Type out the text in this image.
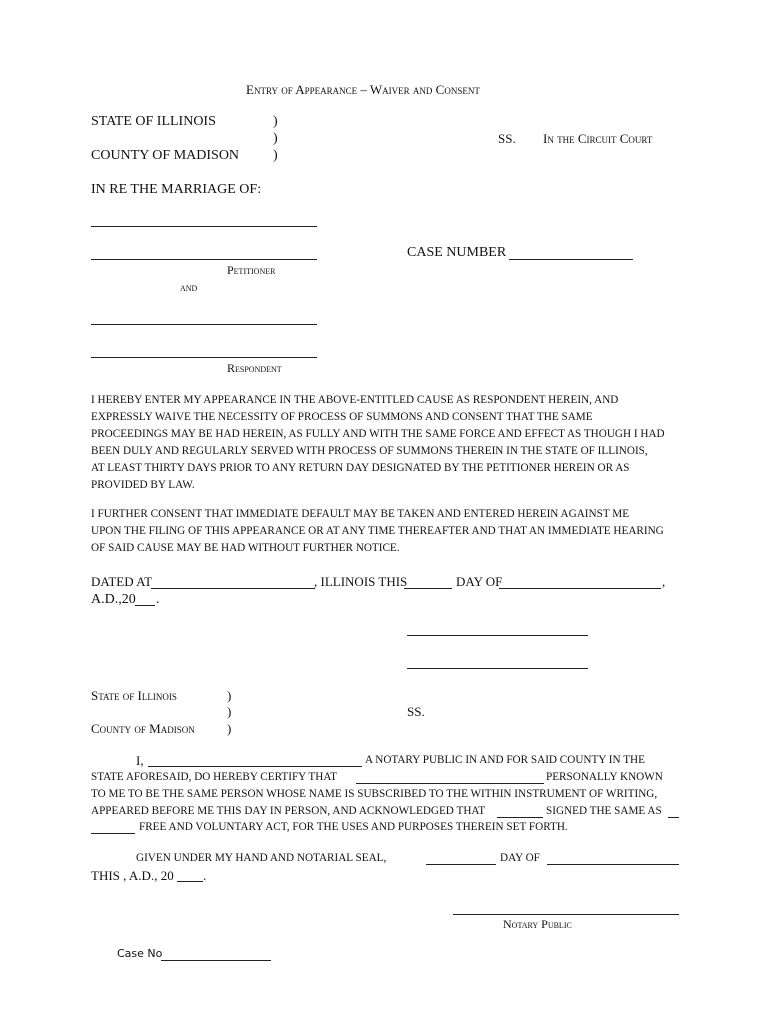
Entry of Appearance – Waiver and Consent
STATE OF ILLINOIS	)
)
)
SS. In the Circuit Court
COUNTY OF MADISON
IN RE THE MARRIAGE OF:
CASE NUMBER
Petitioner
and
Respondent
I HEREBY ENTER MY APPEARANCE IN THE ABOVE-ENTITLED CAUSE AS RESPONDENT HEREIN, AND
EXPRESSLY WAIVE THE NECESSITY OF PROCESS OF SUMMONS AND CONSENT THAT THE SAME
PROCEEDINGS MAY BE HAD HEREIN, AS FULLY AND WITH THE SAME FORCE AND EFFECT AS THOUGH I HAD
BEEN DULY AND REGULARLY SERVED WITH PROCESS OF SUMMONS THEREIN IN THE STATE OF ILLINOIS,
AT LEAST THIRTY DAYS PRIOR TO ANY RETURN DAY DESIGNATED BY THE PETITIONER HEREIN OR AS
PROVIDED BY LAW.
I FURTHER CONSENT THAT IMMEDIATE DEFAULT MAY BE TAKEN AND ENTERED HEREIN AGAINST ME
UPON THE FILING OF THIS APPEARANCE OR AT ANY TIME THEREAFTER AND THAT AN IMMEDIATE HEARING
OF SAID CAUSE MAY BE HAD WITHOUT FURTHER NOTICE.
DATED AT	, ILLINOIS THIS	DAY OF	,
A.D.,20 .
State of Illinois	)
)
)
SS.
County of Madison
I,	A NOTARY PUBLIC IN AND FOR SAID COUNTY IN THE
STATE AFORESAID, DO HEREBY CERTIFY THAT	PERSONALLY KNOWN
TO ME TO BE THE SAME PERSON WHOSE NAME IS SUBSCRIBED TO THE WITHIN INSTRUMENT OF WRITING,
APPEARED BEFORE ME THIS DAY IN PERSON, AND ACKNOWLEDGED THAT	SIGNED THE SAME AS
FREE AND VOLUNTARY ACT, FOR THE USES AND PURPOSES THEREIN SET FORTH.
GIVEN UNDER MY HAND AND NOTARIAL SEAL,	DAY OF
THIS , A.D., 20 .
Notary Public
Case No
